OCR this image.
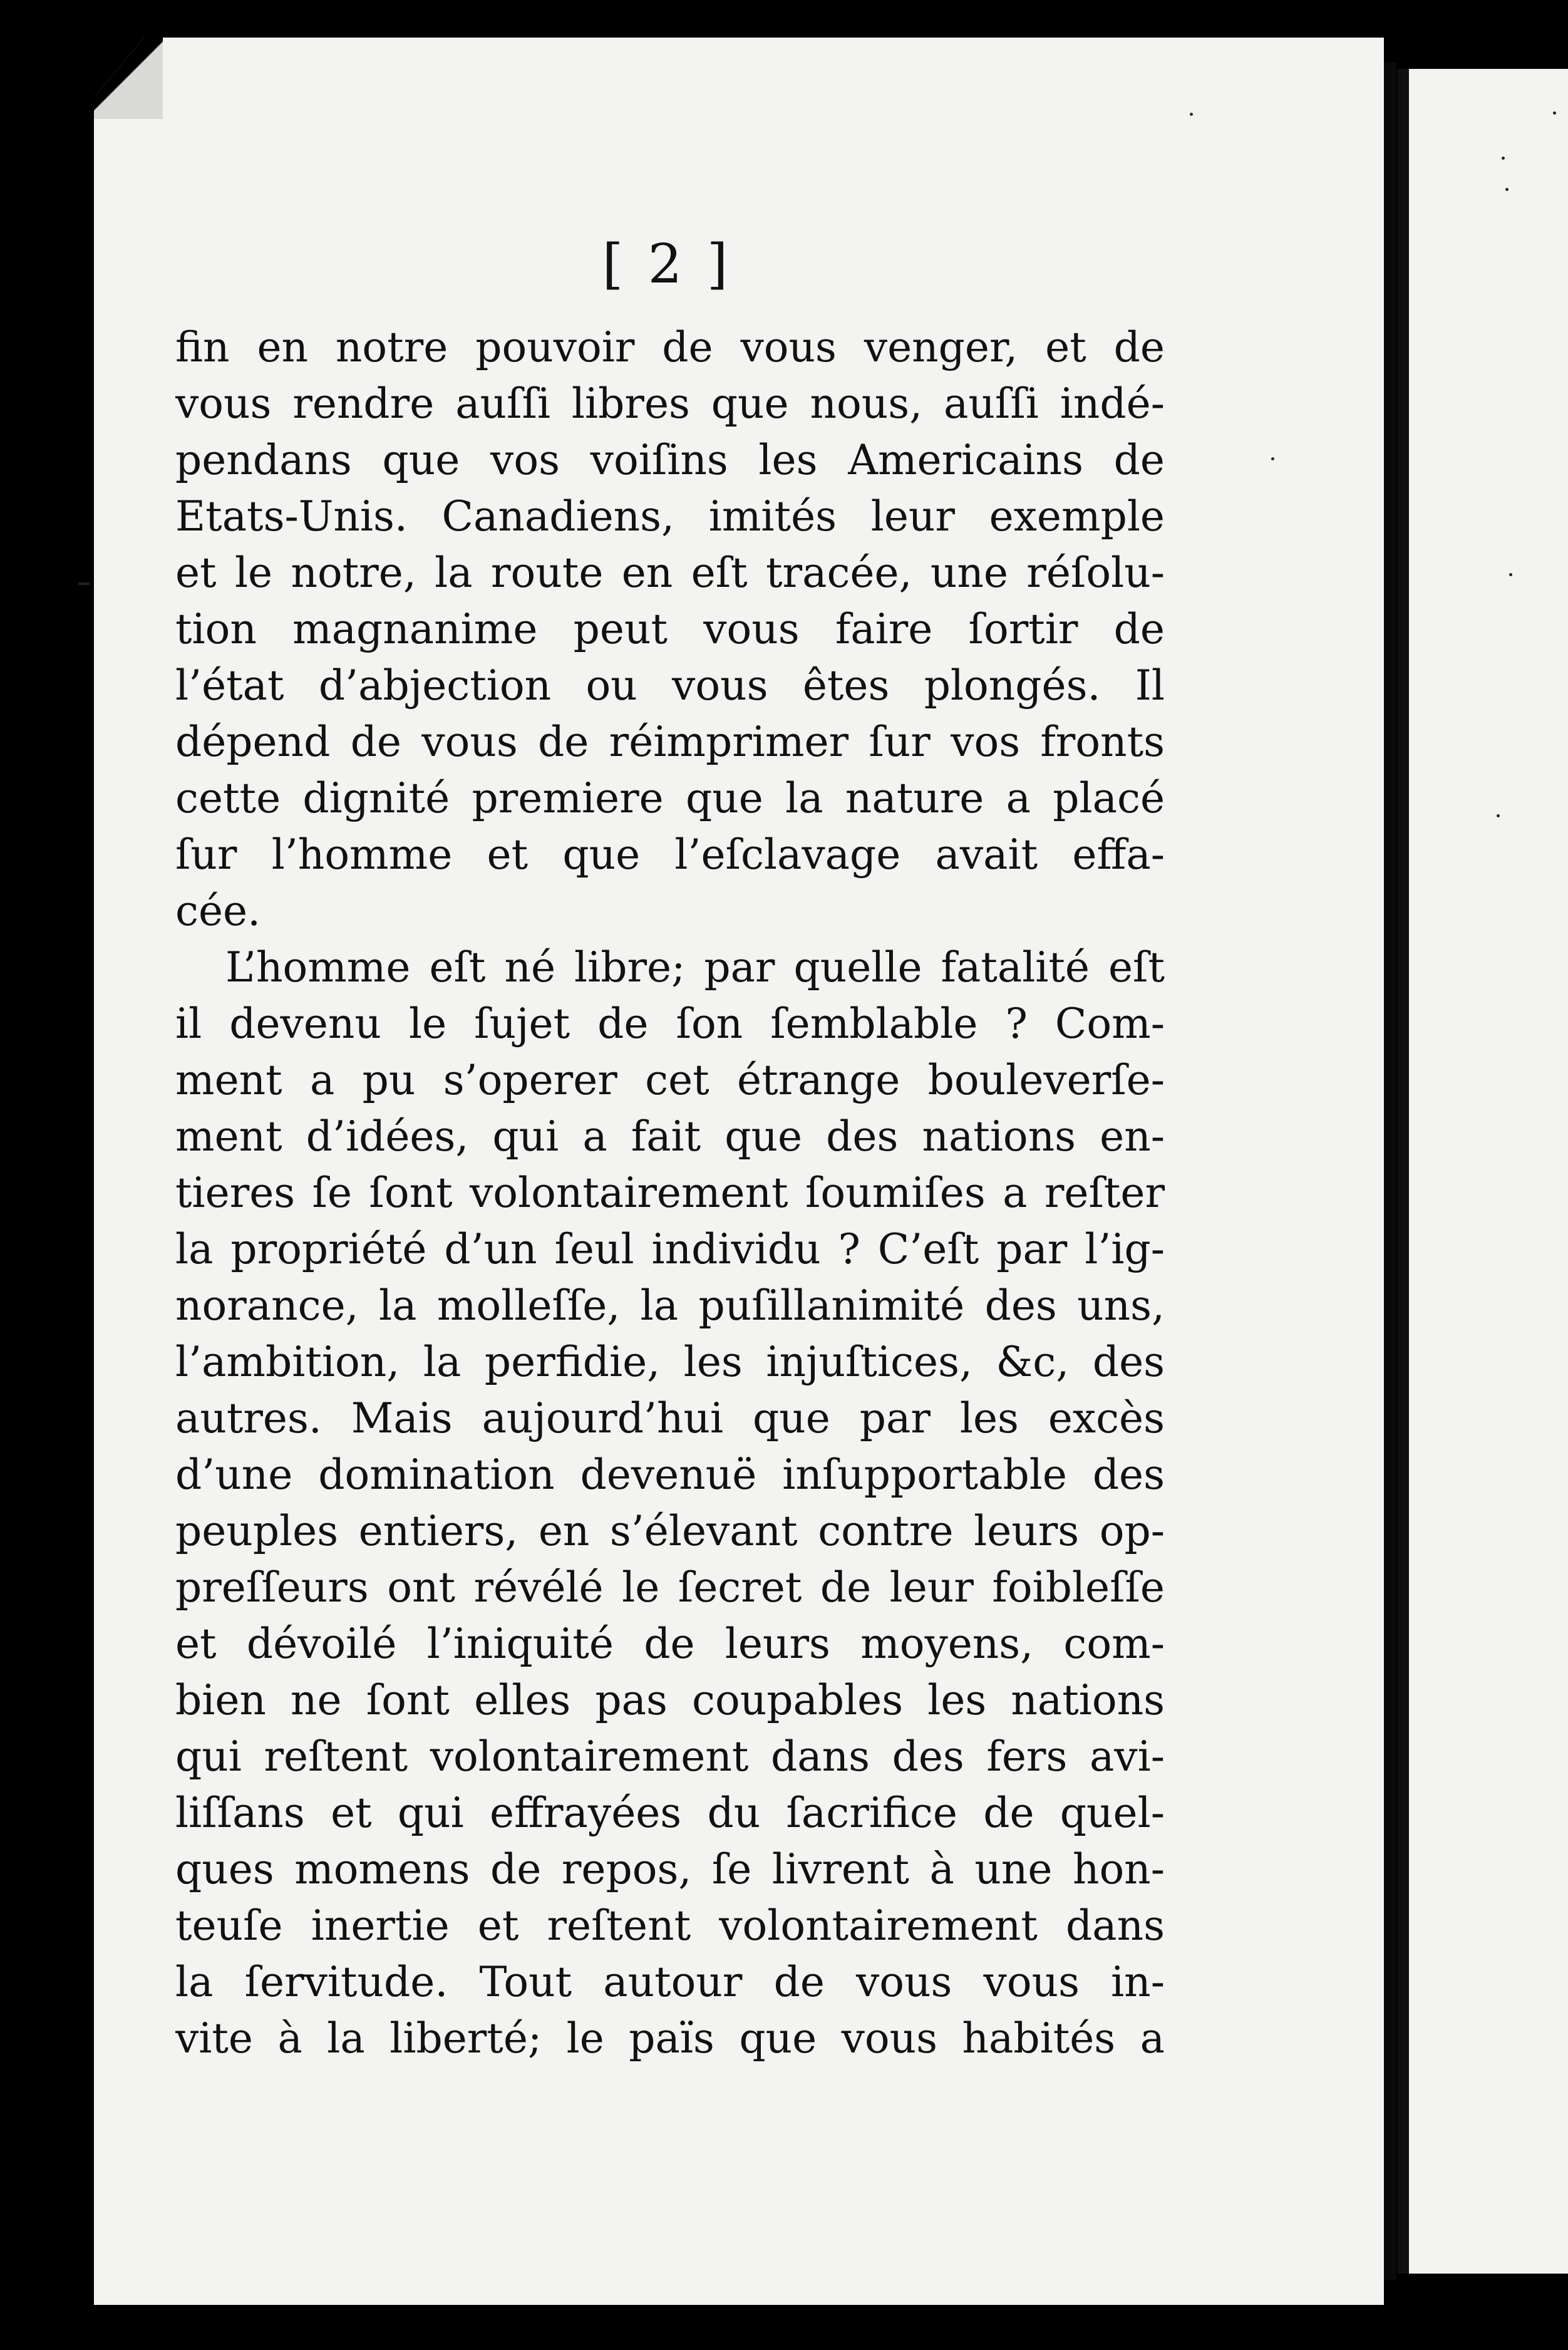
[ 2 ]
fin en notre pouvoir de vous venger, et de
vous rendre auſſi libres que nous, auſſi indé-
pendans que vos voiſins les Americains de
Etats-Unis. Canadiens, imités leur exemple
et le notre, la route en eſt tracée, une réſolu-
tion magnanime peut vous faire ſortir de
l’état d’abjection ou vous êtes plongés. Il
dépend de vous de réimprimer ſur vos fronts
cette dignité premiere que la nature a placé
ſur l’homme et que l’eſclavage avait effa-
cée.
L’homme eſt né libre; par quelle fatalité eſt
il devenu le ſujet de ſon ſemblable ? Com-
ment a pu s’operer cet étrange bouleverſe-
ment d’idées, qui a fait que des nations en-
tieres ſe ſont volontairement ſoumiſes a reſter
la propriété d’un ſeul individu ? C’eſt par l’ig-
norance, la molleſſe, la puſillanimité des uns,
l’ambition, la perfidie, les injuſtices, &c, des
autres. Mais aujourd’hui que par les excès
d’une domination devenuë inſupportable des
peuples entiers, en s’élevant contre leurs op-
preſſeurs ont révélé le ſecret de leur foibleſſe
et dévoilé l’iniquité de leurs moyens, com-
bien ne ſont elles pas coupables les nations
qui reſtent volontairement dans des fers avi-
liſſans et qui effrayées du ſacrifice de quel-
ques momens de repos, ſe livrent à une hon-
teuſe inertie et reſtent volontairement dans
la ſervitude. Tout autour de vous vous in-
vite à la liberté; le païs que vous habités a
